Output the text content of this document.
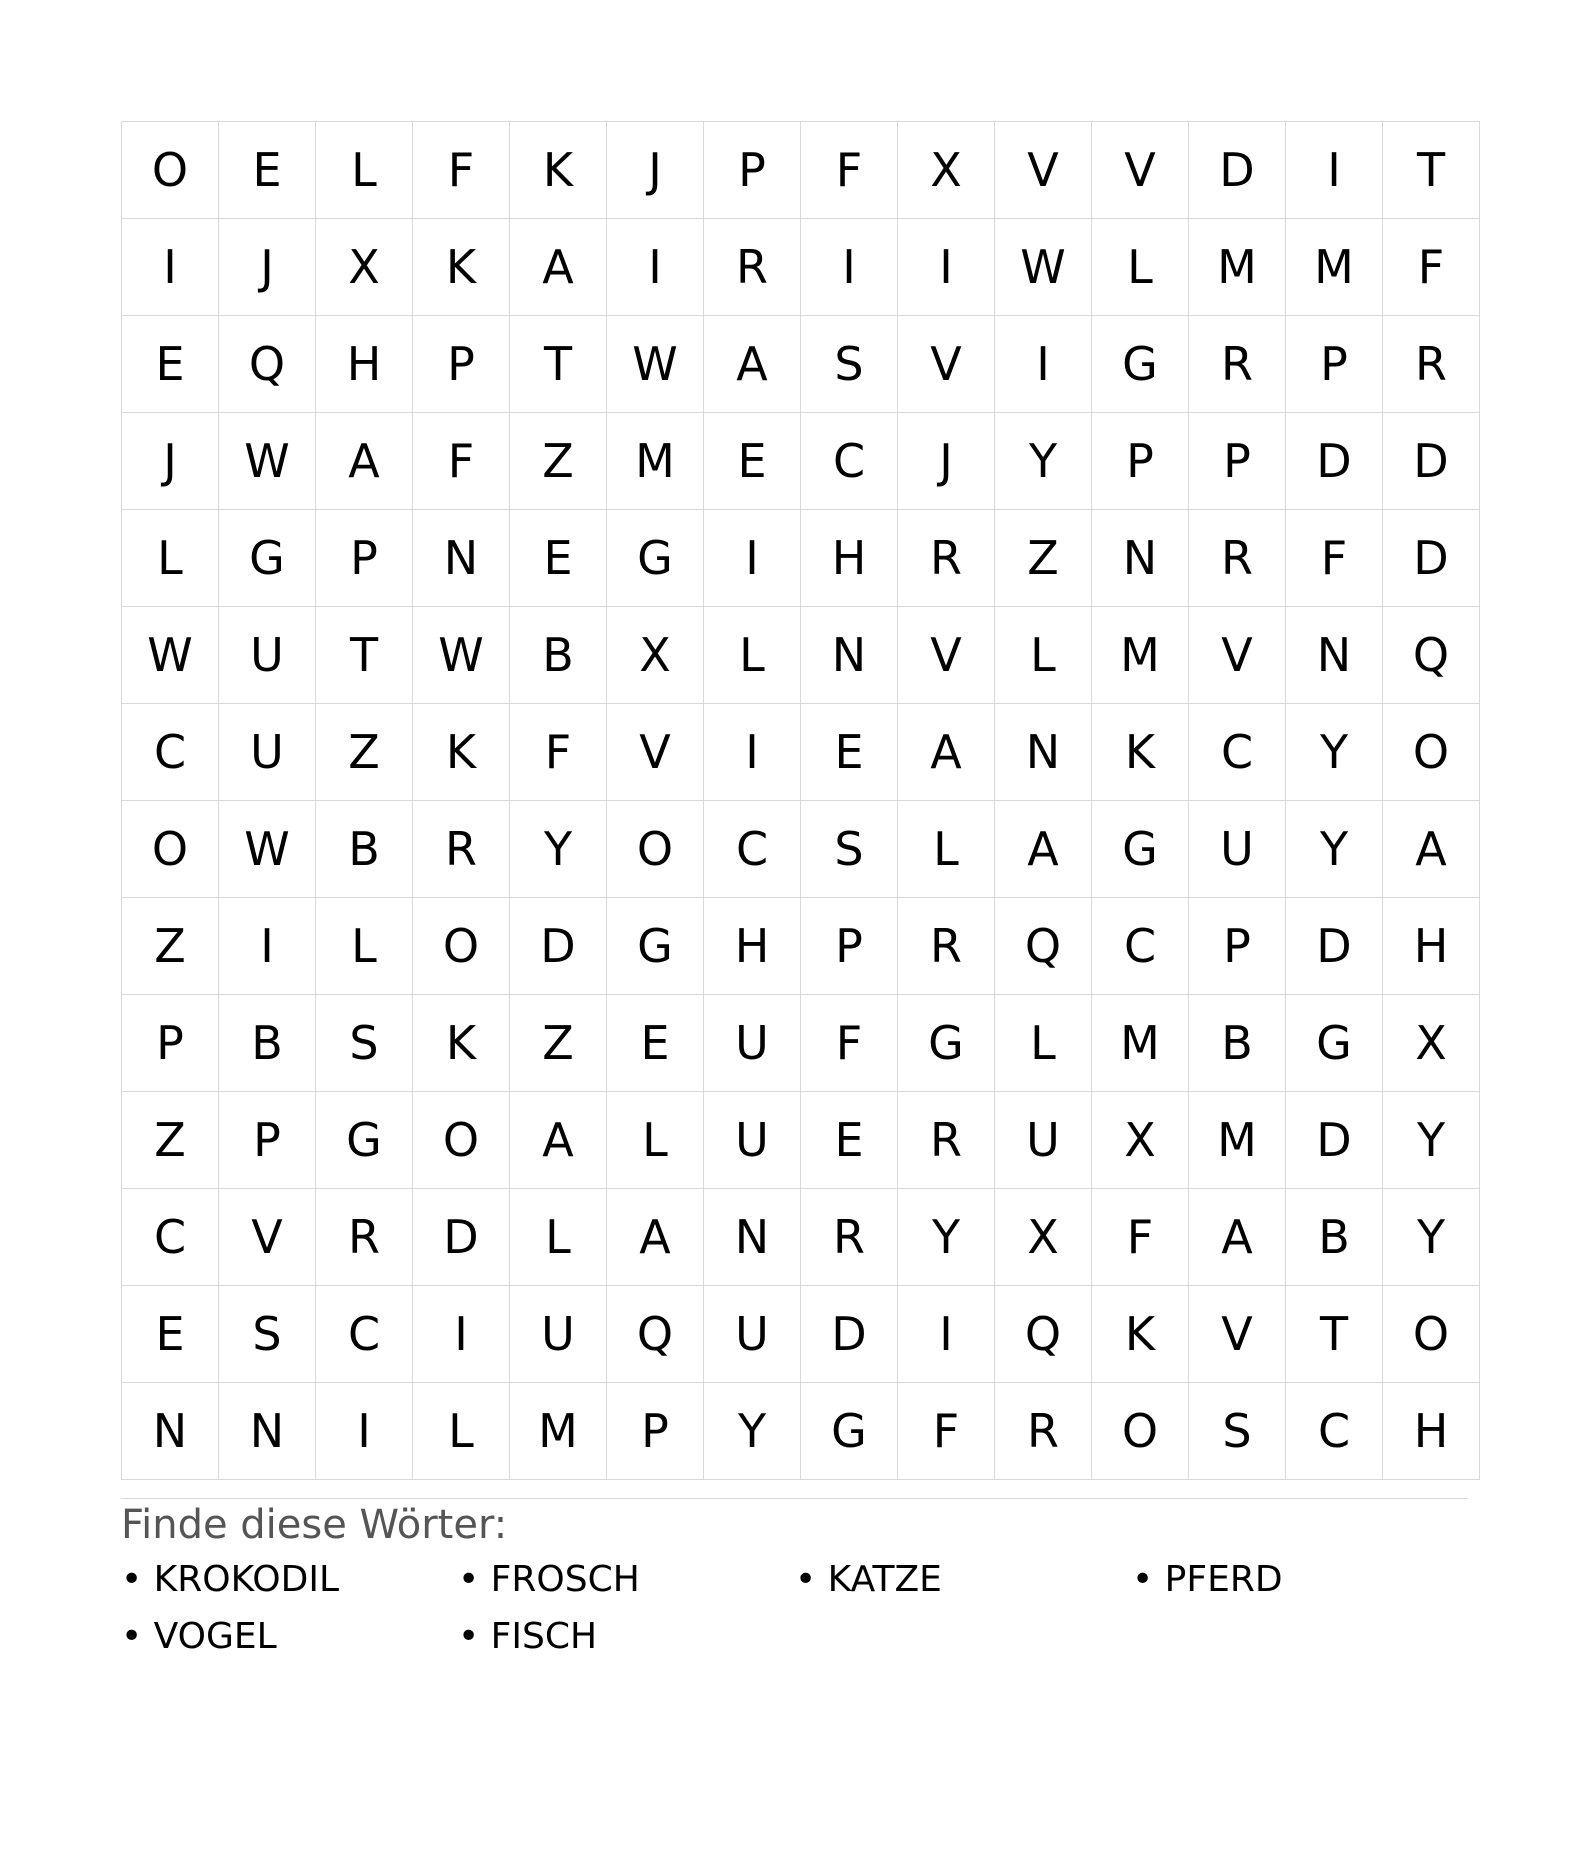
O	E	L	F	K	J	P	F	X	V	V	D	I	T
I	J	X	K	A	I	R	I	I	W	L	M	M	F
E	Q	H	P	T	W	A	S	V	I	G	R	P	R
J	W	A	F	Z	M	E	C	J	Y	P	P	D	D
L	G	P	N	E	G	I	H	R	Z	N	R	F	D
W	U	T	W	B	X	L	N	V	L	M	V	N	Q
C	U	Z	K	F	V	I	E	A	N	K	C	Y	O
O	W	B	R	Y	O	C	S	L	A	G	U	Y	A
Z	I	L	O	D	G	H	P	R	Q	C	P	D	H
P	B	S	K	Z	E	U	F	G	L	M	B	G	X
Z	P	G	O	A	L	U	E	R	U	X	M	D	Y
C	V	R	D	L	A	N	R	Y	X	F	A	B	Y
E	S	C	I	U	Q	U	D	I	Q	K	V	T	O
N	N	I	L	M	P	Y	G	F	R	O	S	C	H
Finde diese Wörter:
• KROKODIL	• FROSCH	• KATZE	• PFERD
• VOGEL	• FISCH
